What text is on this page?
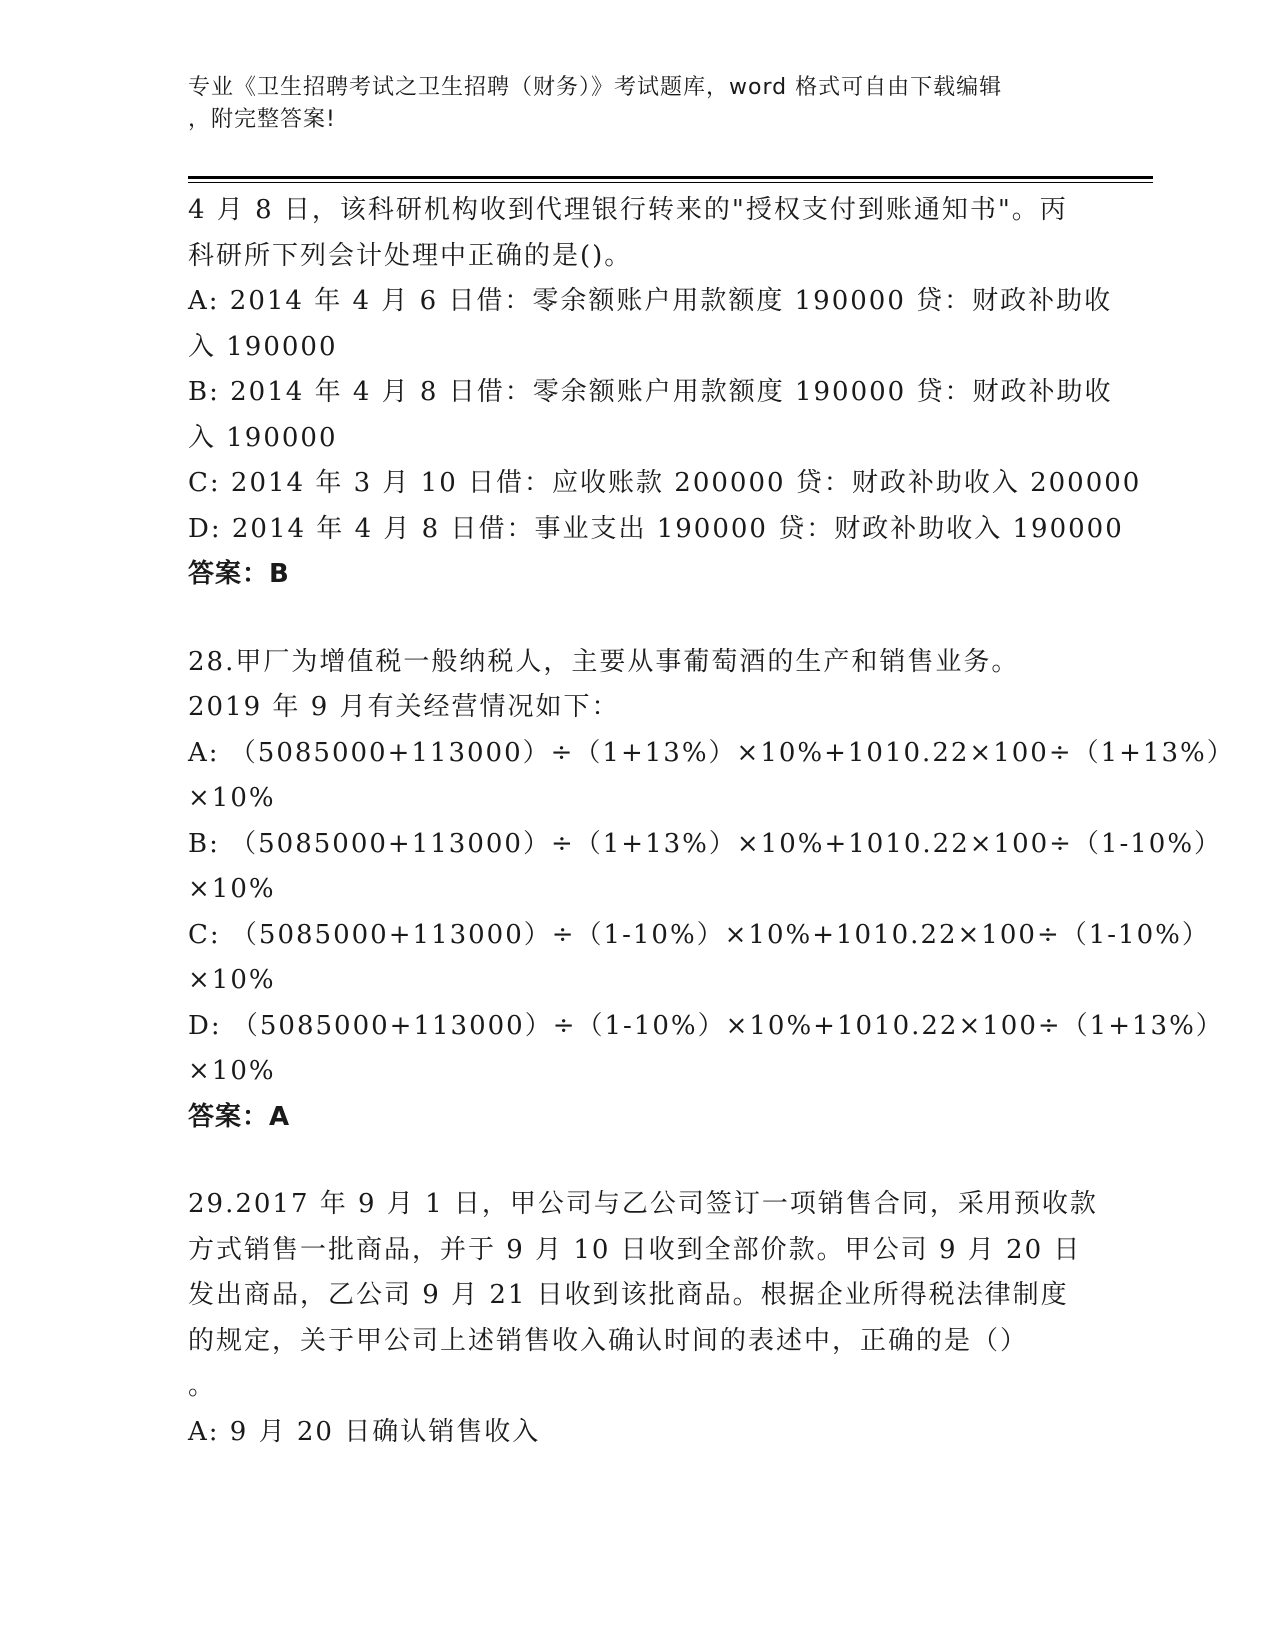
专业《卫生招聘考试之卫生招聘（财务）》考试题库，word 格式可自由下载编辑
，附完整答案!
4 月 8 日，该科研机构收到代理银行转来的"授权支付到账通知书"。丙
科研所下列会计处理中正确的是()。
A: 2014 年 4 月 6 日借：零余额账户用款额度 190000 贷：财政补助收
入 190000
B: 2014 年 4 月 8 日借：零余额账户用款额度 190000 贷：财政补助收
入 190000
C: 2014 年 3 月 10 日借：应收账款 200000 贷：财政补助收入 200000
D: 2014 年 4 月 8 日借：事业支出 190000 贷：财政补助收入 190000
答案：B
28.甲厂为增值税一般纳税人，主要从事葡萄酒的生产和销售业务。
2019 年 9 月有关经营情况如下：
A: （5085000+113000）÷（1+13%）×10%+1010.22×100÷（1+13%）
×10%
B: （5085000+113000）÷（1+13%）×10%+1010.22×100÷（1-10%）
×10%
C: （5085000+113000）÷（1-10%）×10%+1010.22×100÷（1-10%）
×10%
D: （5085000+113000）÷（1-10%）×10%+1010.22×100÷（1+13%）
×10%
答案：A
29.2017 年 9 月 1 日，甲公司与乙公司签订一项销售合同，采用预收款
方式销售一批商品，并于 9 月 10 日收到全部价款。甲公司 9 月 20 日
发出商品，乙公司 9 月 21 日收到该批商品。根据企业所得税法律制度
的规定，关于甲公司上述销售收入确认时间的表述中，正确的是（）
。
A: 9 月 20 日确认销售收入
